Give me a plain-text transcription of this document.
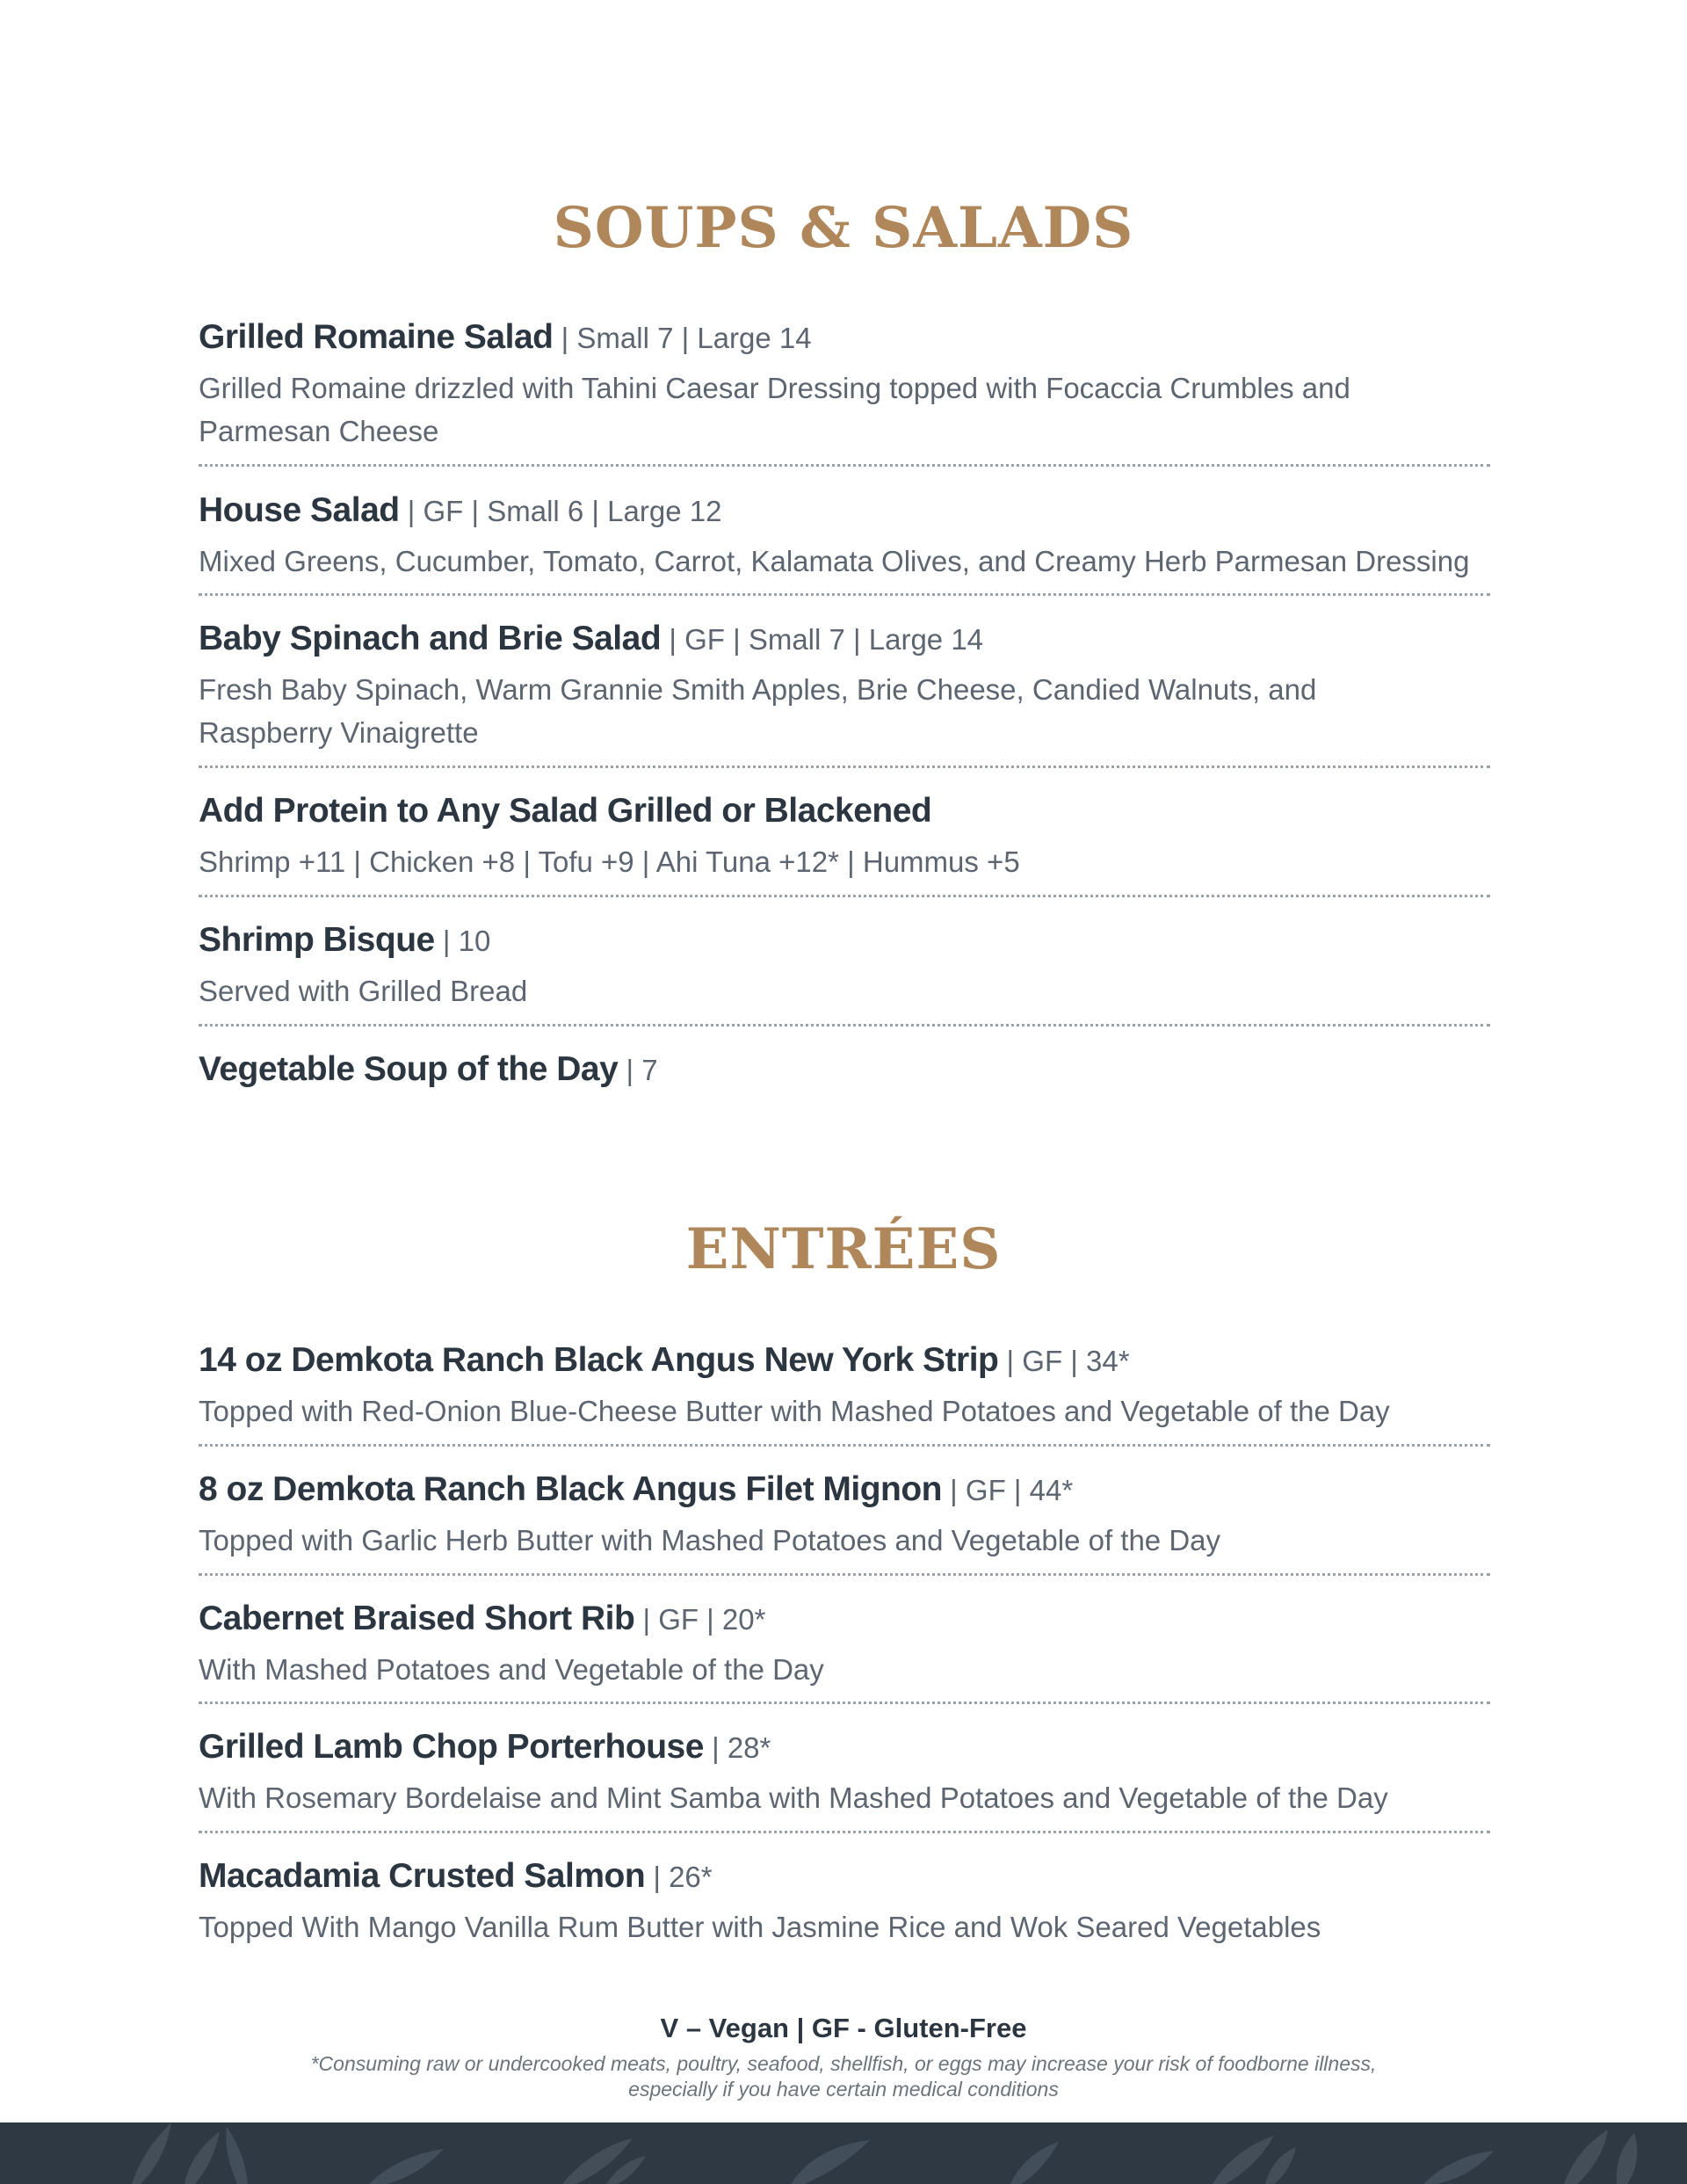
SOUPS & SALADS
Grilled Romaine Salad | Small 7 | Large 14
Grilled Romaine drizzled with Tahini Caesar Dressing topped with Focaccia Crumbles and
Parmesan Cheese
House Salad | GF | Small 6 | Large 12
Mixed Greens, Cucumber, Tomato, Carrot, Kalamata Olives, and Creamy Herb Parmesan Dressing
Baby Spinach and Brie Salad | GF | Small 7 | Large 14
Fresh Baby Spinach, Warm Grannie Smith Apples, Brie Cheese, Candied Walnuts, and
Raspberry Vinaigrette
Add Protein to Any Salad Grilled or Blackened
Shrimp +11 | Chicken +8 | Tofu +9 | Ahi Tuna +12* | Hummus +5
Shrimp Bisque | 10
Served with Grilled Bread
Vegetable Soup of the Day | 7
ENTRÉES
14 oz Demkota Ranch Black Angus New York Strip | GF | 34*
Topped with Red-Onion Blue-Cheese Butter with Mashed Potatoes and Vegetable of the Day
8 oz Demkota Ranch Black Angus Filet Mignon | GF | 44*
Topped with Garlic Herb Butter with Mashed Potatoes and Vegetable of the Day
Cabernet Braised Short Rib | GF | 20*
With Mashed Potatoes and Vegetable of the Day
Grilled Lamb Chop Porterhouse | 28*
With Rosemary Bordelaise and Mint Samba with Mashed Potatoes and Vegetable of the Day
Macadamia Crusted Salmon | 26*
Topped With Mango Vanilla Rum Butter with Jasmine Rice and Wok Seared Vegetables
V – Vegan | GF - Gluten-Free
*Consuming raw or undercooked meats, poultry, seafood, shellfish, or eggs may increase your risk of foodborne illness,
especially if you have certain medical conditions
